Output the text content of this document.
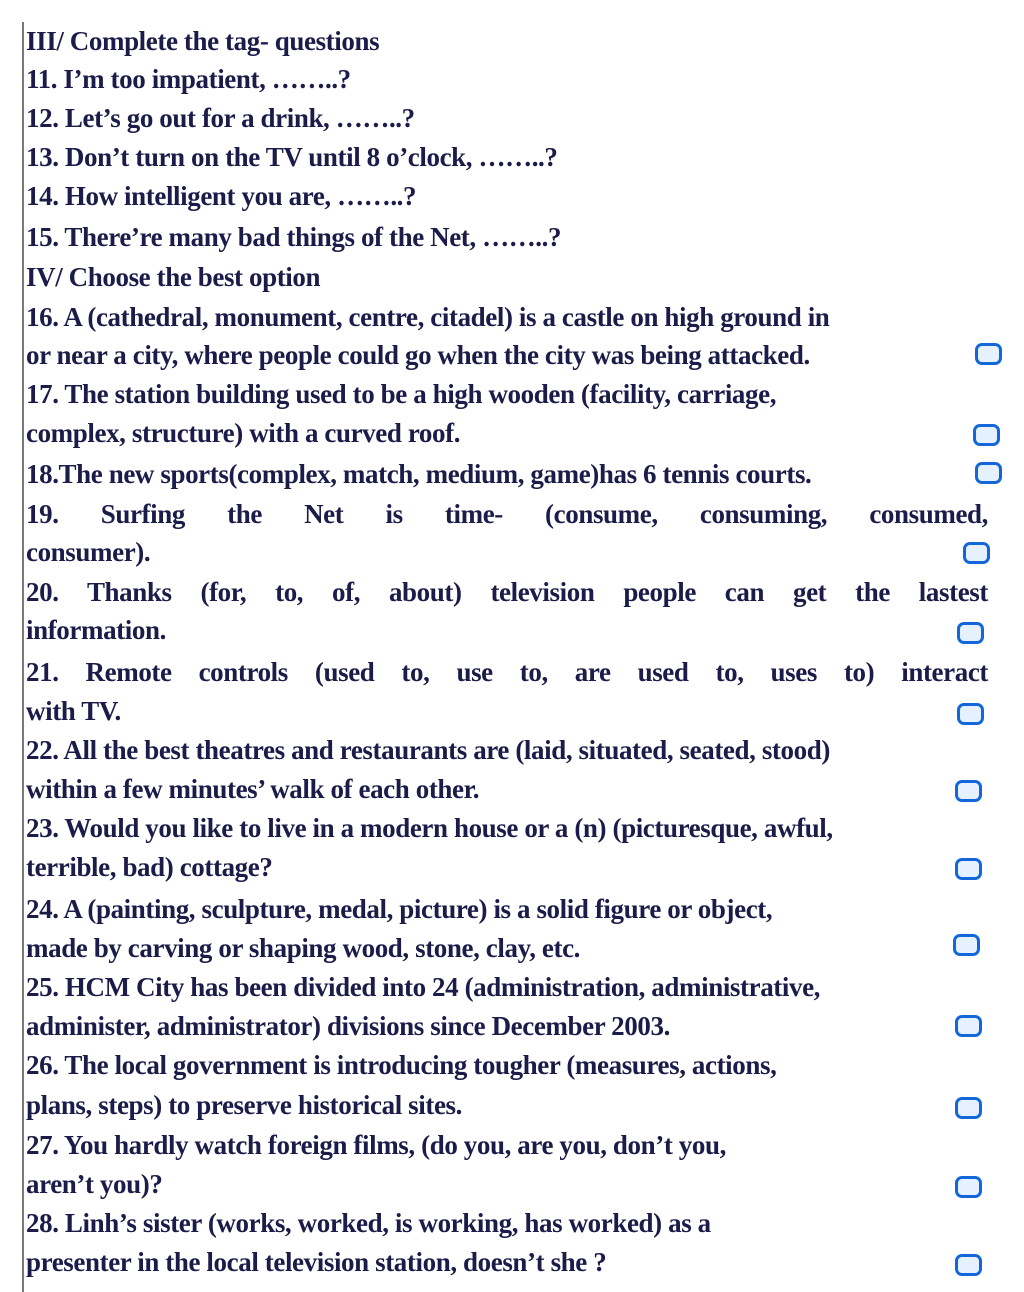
III/ Complete the tag- questions
11. I’m too impatient, ……..?
12. Let’s go out for a drink, ……..?
13. Don’t turn on the TV until 8 o’clock, ……..?
14. How intelligent you are, ……..?
15. There’re many bad things of the Net, ……..?
IV/ Choose the best option
16. A (cathedral, monument, centre, citadel) is a castle on high ground in
or near a city, where people could go when the city was being attacked.
17. The station building used to be a high wooden (facility, carriage,
complex, structure) with a curved roof.
18.The new sports(complex, match, medium, game)has 6 tennis courts.
19. Surfing the Net is time- (consume, consuming, consumed,
consumer).
20. Thanks (for, to, of, about) television people can get the lastest
information.
21. Remote controls (used to, use to, are used to, uses to) interact
with TV.
22. All the best theatres and restaurants are (laid, situated, seated, stood)
within a few minutes’ walk of each other.
23. Would you like to live in a modern house or a (n) (picturesque, awful,
terrible, bad) cottage?
24. A (painting, sculpture, medal, picture) is a solid figure or object,
made by carving or shaping wood, stone, clay, etc.
25. HCM City has been divided into 24 (administration, administrative,
administer, administrator) divisions since December 2003.
26. The local government is introducing tougher (measures, actions,
plans, steps) to preserve historical sites.
27. You hardly watch foreign films, (do you, are you, don’t you,
aren’t you)?
28. Linh’s sister (works, worked, is working, has worked) as a
presenter in the local television station, doesn’t she ?
